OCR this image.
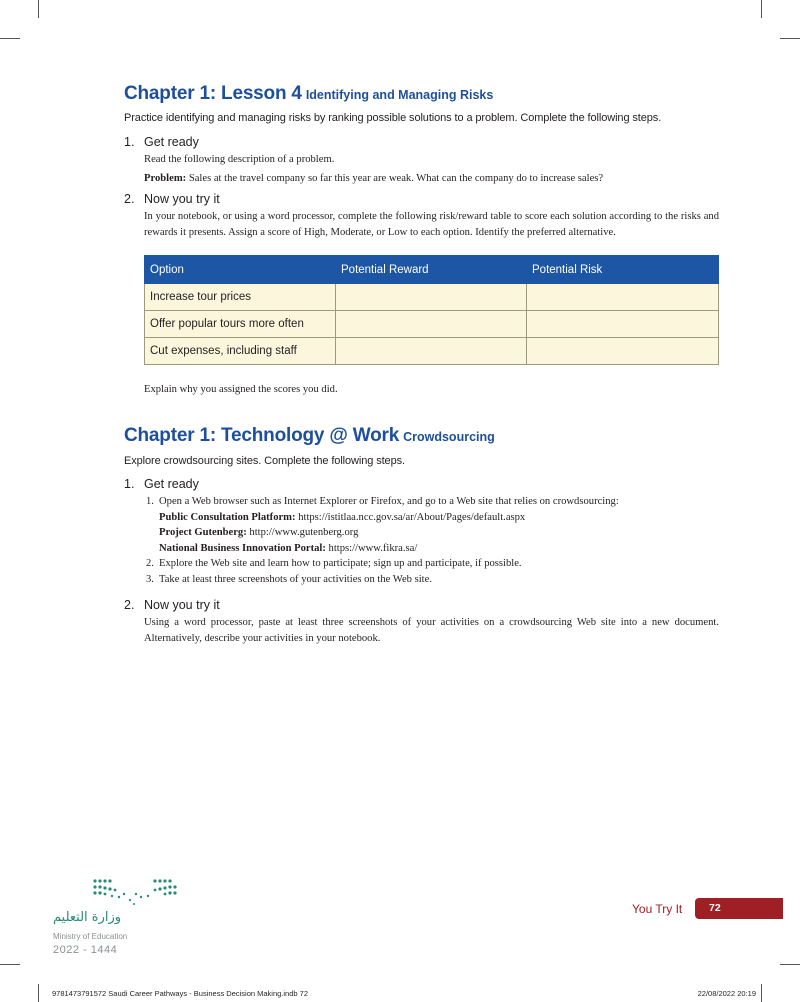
Chapter 1: Lesson 4 Identifying and Managing Risks

Practice identifying and managing risks by ranking possible solutions to a problem. Complete the following steps.

1. Get ready

Read the following description of a problem.

Problem: Sales at the travel company so far this year are weak. What can the company do to increase sales?

2. Now you try it

In your notebook, or using a word processor, complete the following risk/reward table to score each solution according to the risks and rewards it presents. Assign a score of High, Moderate, or Low to each option. Identify the preferred alternative.

Option	Potential Reward	Potential Risk
Increase tour prices		
Offer popular tours more often		
Cut expenses, including staff		

Explain why you assigned the scores you did.

Chapter 1: Technology @ Work Crowdsourcing

Explore crowdsourcing sites. Complete the following steps.

1. Get ready
1. Open a Web browser such as Internet Explorer or Firefox, and go to a Web site that relies on crowdsourcing:
Public Consultation Platform: https://istitlaa.ncc.gov.sa/ar/About/Pages/default.aspx
Project Gutenberg: http://www.gutenberg.org
National Business Innovation Portal: https://www.fikra.sa/
2. Explore the Web site and learn how to participate; sign up and participate, if possible.
3. Take at least three screenshots of your activities on the Web site.
2. Now you try it

Using a word processor, paste at least three screenshots of your activities on a crowdsourcing Web site into a new document. Alternatively, describe your activities in your notebook.

وزارة التعليم
Ministry of Education
2022 - 1444
You Try It	72
9781473791572 Saudi Career Pathways - Business Decision Making.indb 72	22/08/2022 20:19
